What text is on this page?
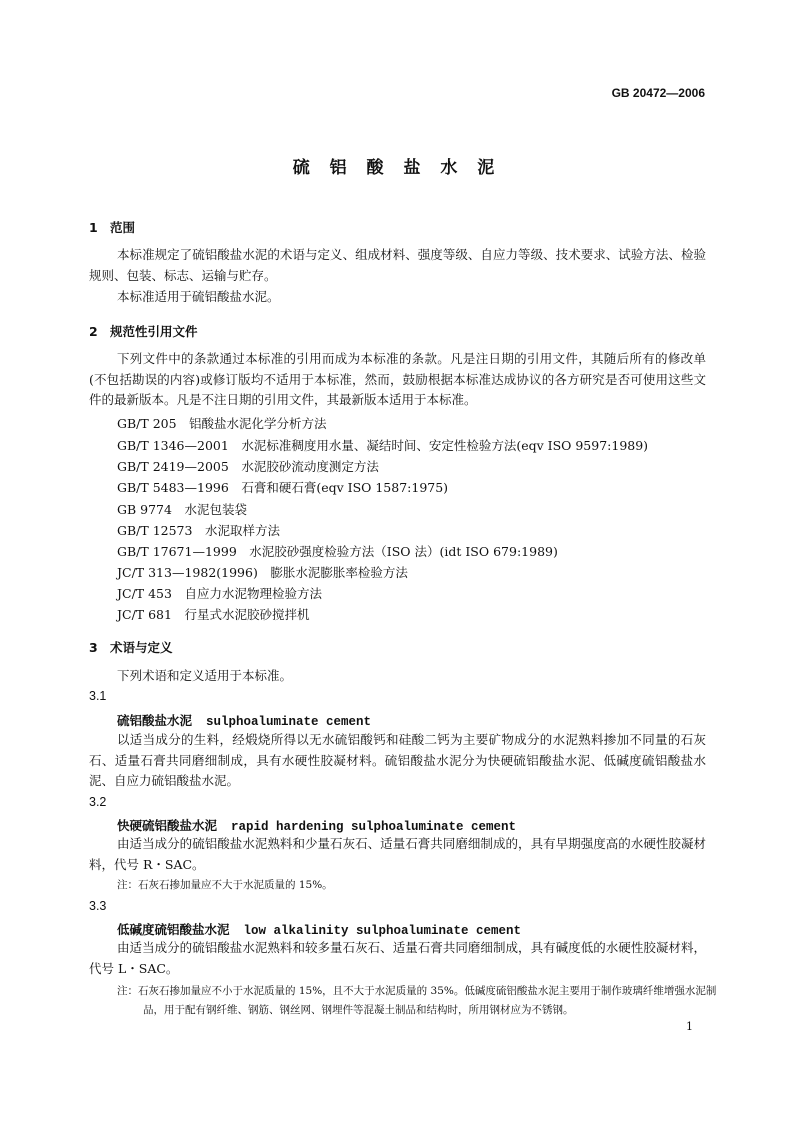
GB 20472—2006
硫 铝 酸 盐 水 泥
1 范围
本标准规定了硫铝酸盐水泥的术语与定义、组成材料、强度等级、自应力等级、技术要求、试验方法、检验规则、包装、标志、运输与贮存。
本标准适用于硫铝酸盐水泥。
2 规范性引用文件
下列文件中的条款通过本标准的引用而成为本标准的条款。凡是注日期的引用文件，其随后所有的修改单(不包括勘误的内容)或修订版均不适用于本标准，然而，鼓励根据本标准达成协议的各方研究是否可使用这些文件的最新版本。凡是不注日期的引用文件，其最新版本适用于本标准。
GB/T 205　铝酸盐水泥化学分析方法
GB/T 1346—2001　水泥标准稠度用水量、凝结时间、安定性检验方法(eqv ISO 9597:1989)
GB/T 2419—2005　水泥胶砂流动度测定方法
GB/T 5483—1996　石膏和硬石膏(eqv ISO 1587:1975)
GB 9774　水泥包装袋
GB/T 12573　水泥取样方法
GB/T 17671—1999　水泥胶砂强度检验方法（ISO 法）(idt ISO 679:1989)
JC/T 313—1982(1996)　膨胀水泥膨胀率检验方法
JC/T 453　自应力水泥物理检验方法
JC/T 681　行星式水泥胶砂搅拌机
3 术语与定义
下列术语和定义适用于本标准。
3.1
硫铝酸盐水泥 sulphoaluminate cement
以适当成分的生料，经煅烧所得以无水硫铝酸钙和硅酸二钙为主要矿物成分的水泥熟料掺加不同量的石灰石、适量石膏共同磨细制成，具有水硬性胶凝材料。硫铝酸盐水泥分为快硬硫铝酸盐水泥、低碱度硫铝酸盐水泥、自应力硫铝酸盐水泥。
3.2
快硬硫铝酸盐水泥 rapid hardening sulphoaluminate cement
由适当成分的硫铝酸盐水泥熟料和少量石灰石、适量石膏共同磨细制成的，具有早期强度高的水硬性胶凝材料，代号 R・SAC。
注：石灰石掺加量应不大于水泥质量的 15%。
3.3
低碱度硫铝酸盐水泥 low alkalinity sulphoaluminate cement
由适当成分的硫铝酸盐水泥熟料和较多量石灰石、适量石膏共同磨细制成，具有碱度低的水硬性胶凝材料，代号 L・SAC。
注：石灰石掺加量应不小于水泥质量的 15%，且不大于水泥质量的 35%。低碱度硫铝酸盐水泥主要用于制作玻璃纤维增强水泥制品，用于配有钢纤维、钢筋、钢丝网、钢埋件等混凝土制品和结构时，所用钢材应为不锈钢。
1
